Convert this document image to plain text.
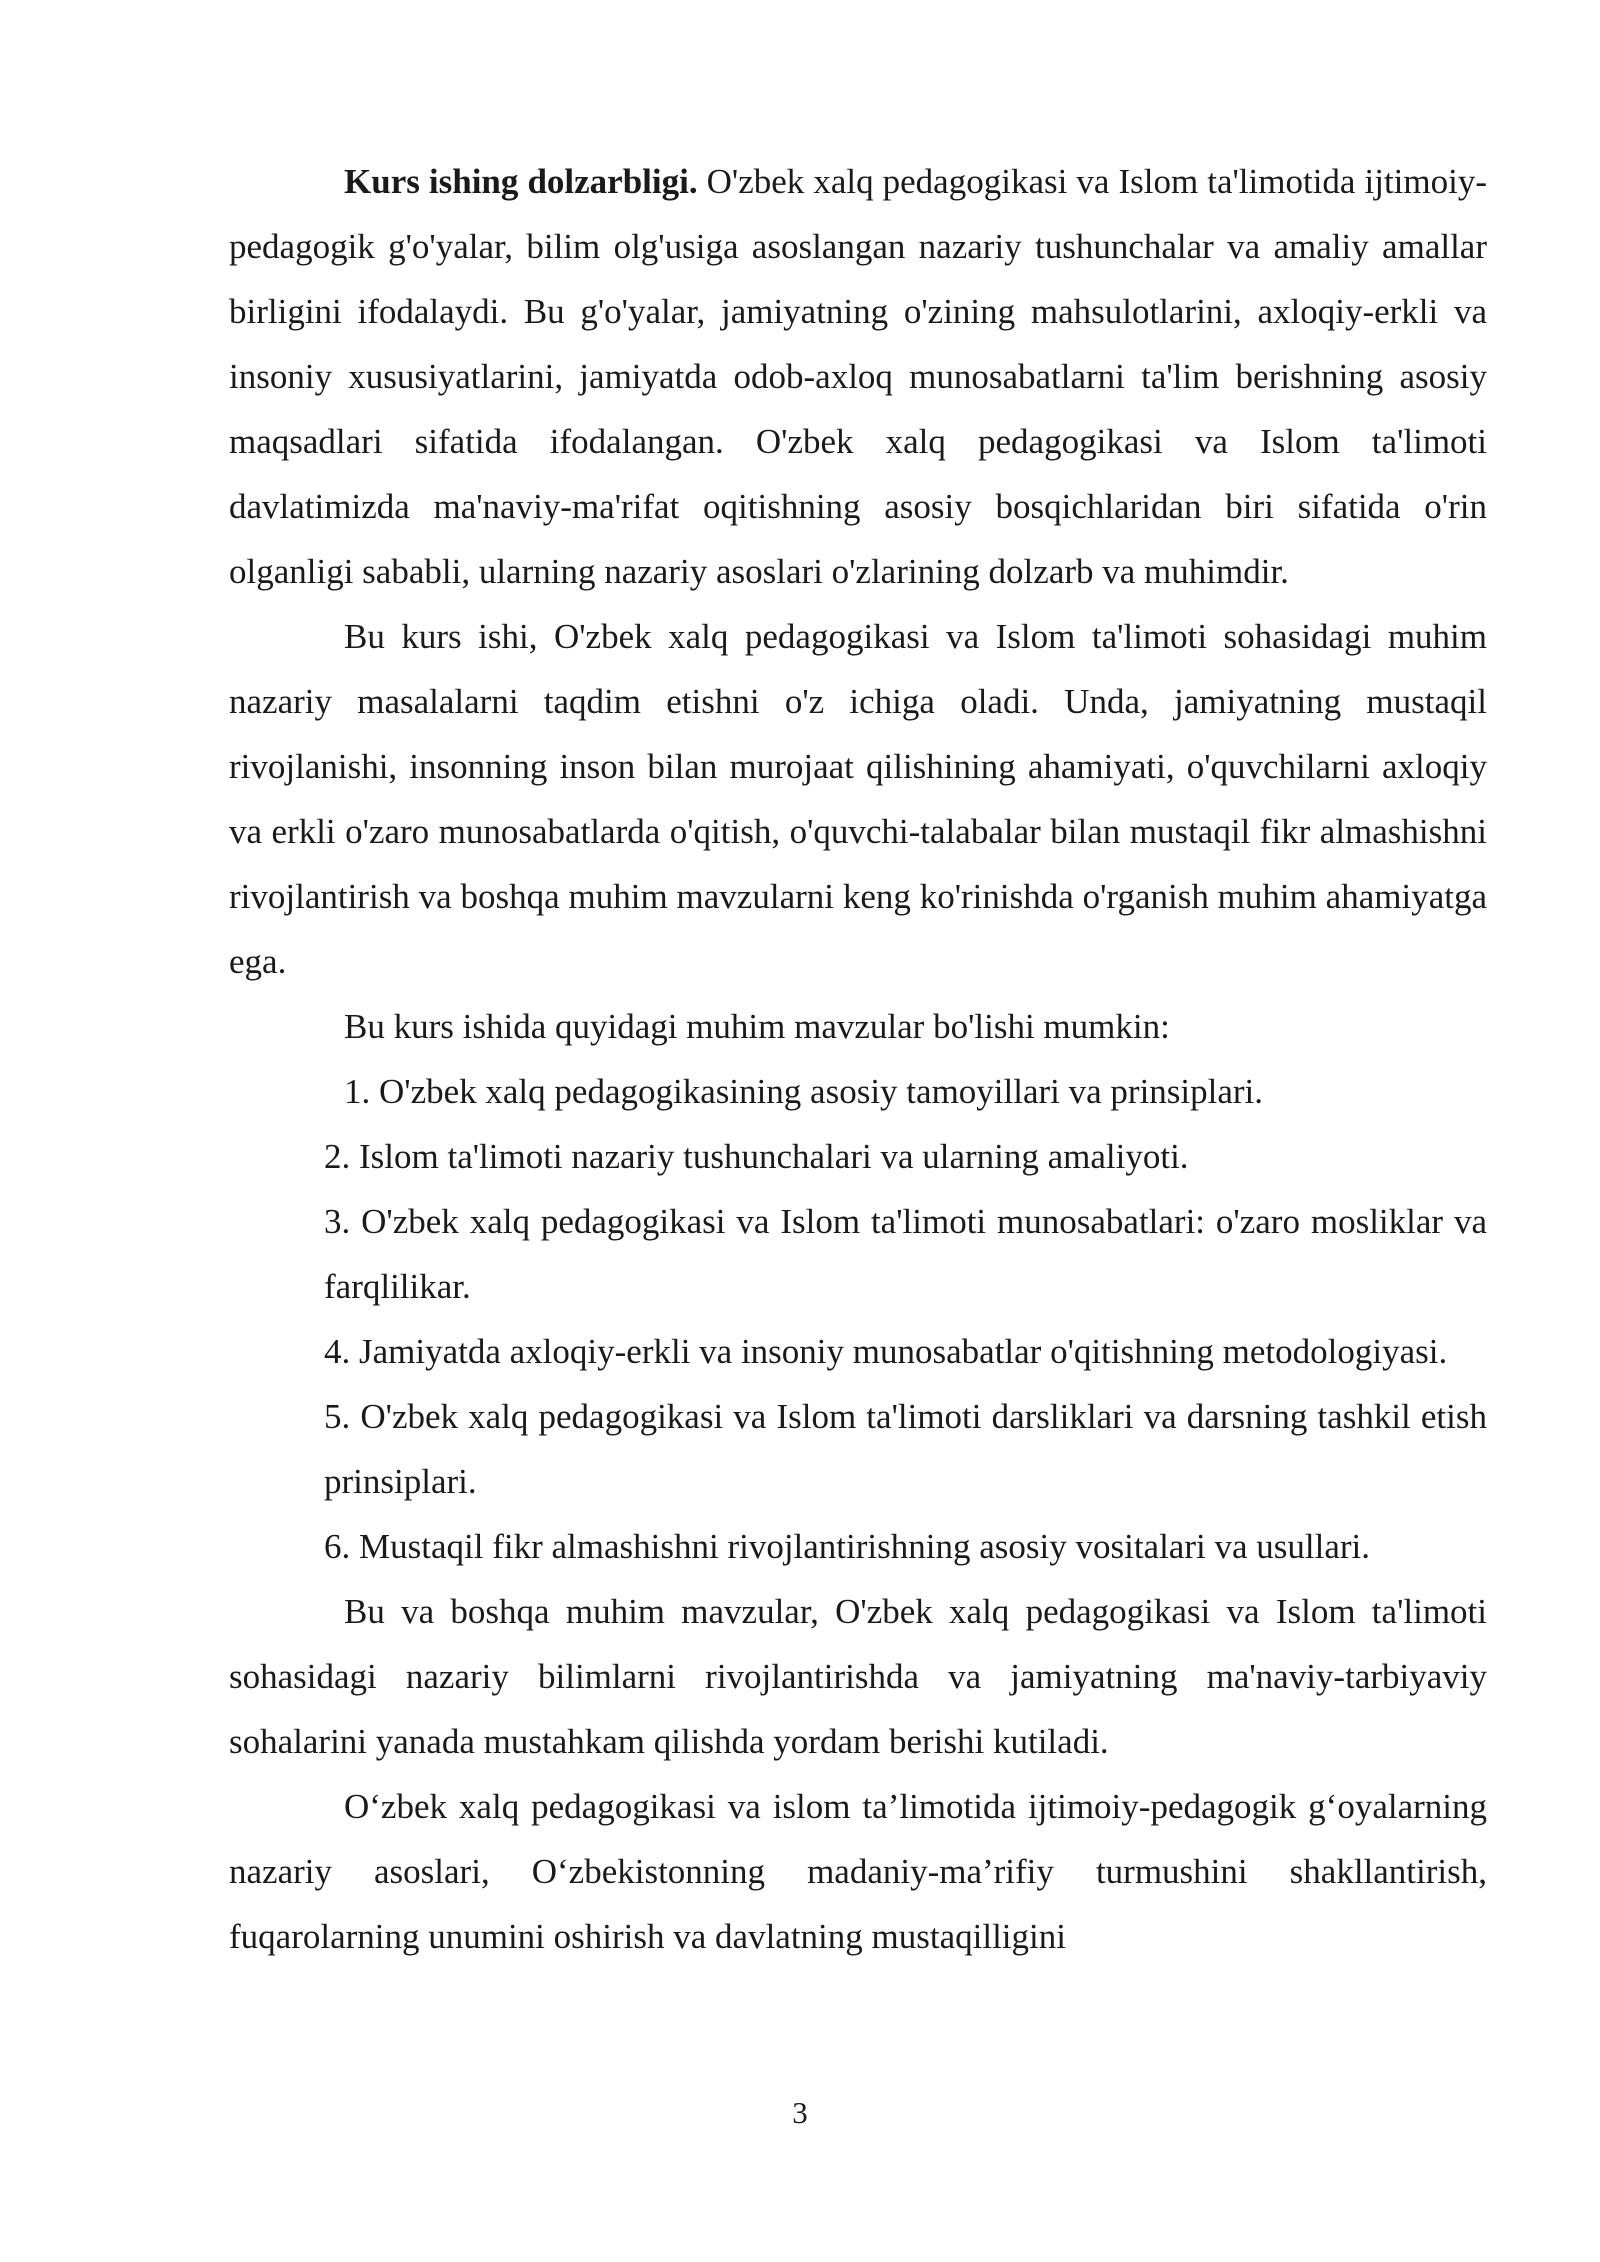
Kurs ishing dolzarbligi. O'zbek xalq pedagogikasi va Islom ta'limotida ijtimoiy-pedagogik g'o'yalar, bilim olg'usiga asoslangan nazariy tushunchalar va amaliy amallar birligini ifodalaydi. Bu g'o'yalar, jamiyatning o'zining mahsulotlarini, axloqiy-erkli va insoniy xususiyatlarini, jamiyatda odob-axloq munosabatlarni ta'lim berishning asosiy maqsadlari sifatida ifodalangan. O'zbek xalq pedagogikasi va Islom ta'limoti davlatimizda ma'naviy-ma'rifat oqitishning asosiy bosqichlaridan biri sifatida o'rin olganligi sababli, ularning nazariy asoslari o'zlarining dolzarb va muhimdir.

Bu kurs ishi, O'zbek xalq pedagogikasi va Islom ta'limoti sohasidagi muhim nazariy masalalarni taqdim etishni o'z ichiga oladi. Unda, jamiyatning mustaqil rivojlanishi, insonning inson bilan murojaat qilishining ahamiyati, o'quvchilarni axloqiy va erkli o'zaro munosabatlarda o'qitish, o'quvchi-talabalar bilan mustaqil fikr almashishni rivojlantirish va boshqa muhim mavzularni keng ko'rinishda o'rganish muhim ahamiyatga ega.

Bu kurs ishida quyidagi muhim mavzular bo'lishi mumkin:

1. O'zbek xalq pedagogikasining asosiy tamoyillari va prinsiplari.

2. Islom ta'limoti nazariy tushunchalari va ularning amaliyoti.

3. O'zbek xalq pedagogikasi va Islom ta'limoti munosabatlari: o'zaro mosliklar va farqlilikar.

4. Jamiyatda axloqiy-erkli va insoniy munosabatlar o'qitishning metodologiyasi.

5. O'zbek xalq pedagogikasi va Islom ta'limoti darsliklari va darsning tashkil etish prinsiplari.

6. Mustaqil fikr almashishni rivojlantirishning asosiy vositalari va usullari.

Bu va boshqa muhim mavzular, O'zbek xalq pedagogikasi va Islom ta'limoti sohasidagi nazariy bilimlarni rivojlantirishda va jamiyatning ma'naviy-tarbiyaviy sohalarini yanada mustahkam qilishda yordam berishi kutiladi.

O‘zbek xalq pedagogikasi va islom ta’limotida ijtimoiy-pedagogik g‘oyalarning nazariy asoslari, O‘zbekistonning madaniy-ma’rifiy turmushini shakllantirish, fuqarolarning unumini oshirish va davlatning mustaqilligini

3
